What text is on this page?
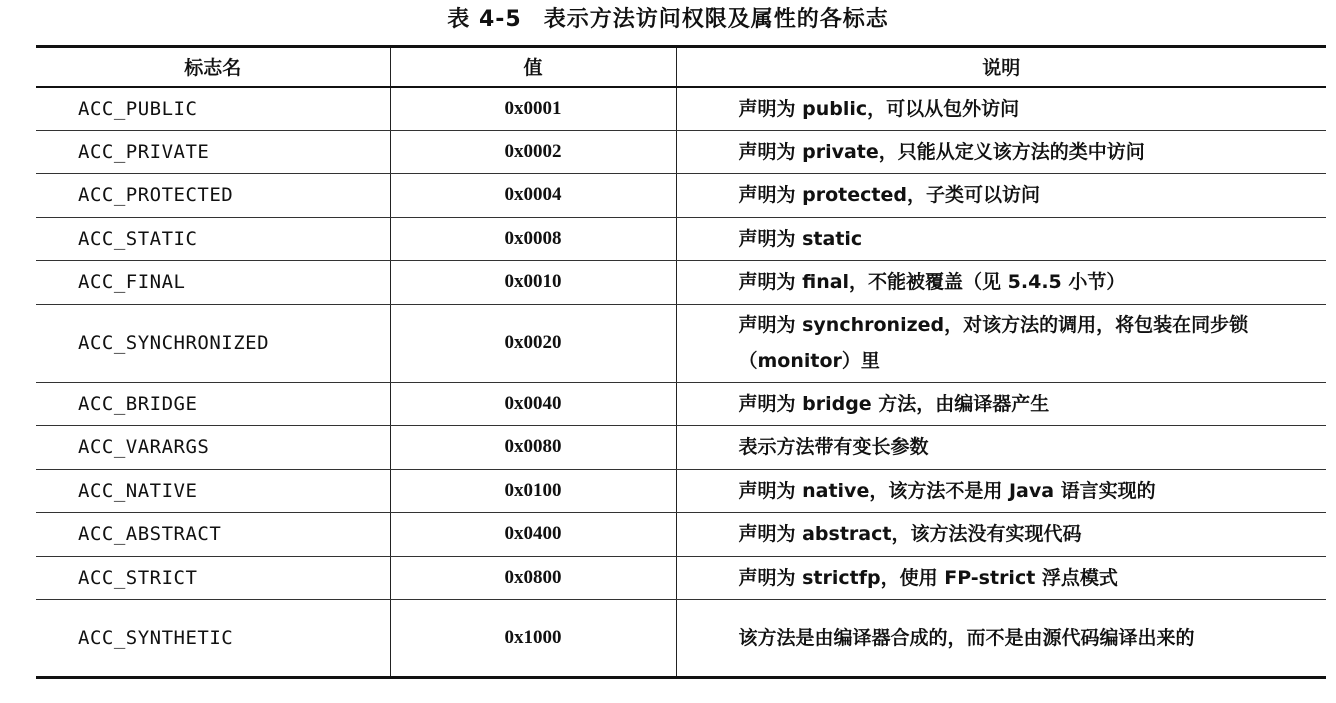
表 4-5 表示方法访问权限及属性的各标志
标志名	值	说明
ACC_PUBLIC	0x0001	声明为 public，可以从包外访问
ACC_PRIVATE	0x0002	声明为 private，只能从定义该方法的类中访问
ACC_PROTECTED	0x0004	声明为 protected，子类可以访问
ACC_STATIC	0x0008	声明为 static
ACC_FINAL	0x0010	声明为 final，不能被覆盖（见 5.4.5 小节）
ACC_SYNCHRONIZED	0x0020	声明为 synchronized，对该方法的调用，将包装在同步锁（monitor）里
ACC_BRIDGE	0x0040	声明为 bridge 方法，由编译器产生
ACC_VARARGS	0x0080	表示方法带有变长参数
ACC_NATIVE	0x0100	声明为 native，该方法不是用 Java 语言实现的
ACC_ABSTRACT	0x0400	声明为 abstract，该方法没有实现代码
ACC_STRICT	0x0800	声明为 strictfp，使用 FP-strict 浮点模式
ACC_SYNTHETIC	0x1000	该方法是由编译器合成的，而不是由源代码编译出来的
